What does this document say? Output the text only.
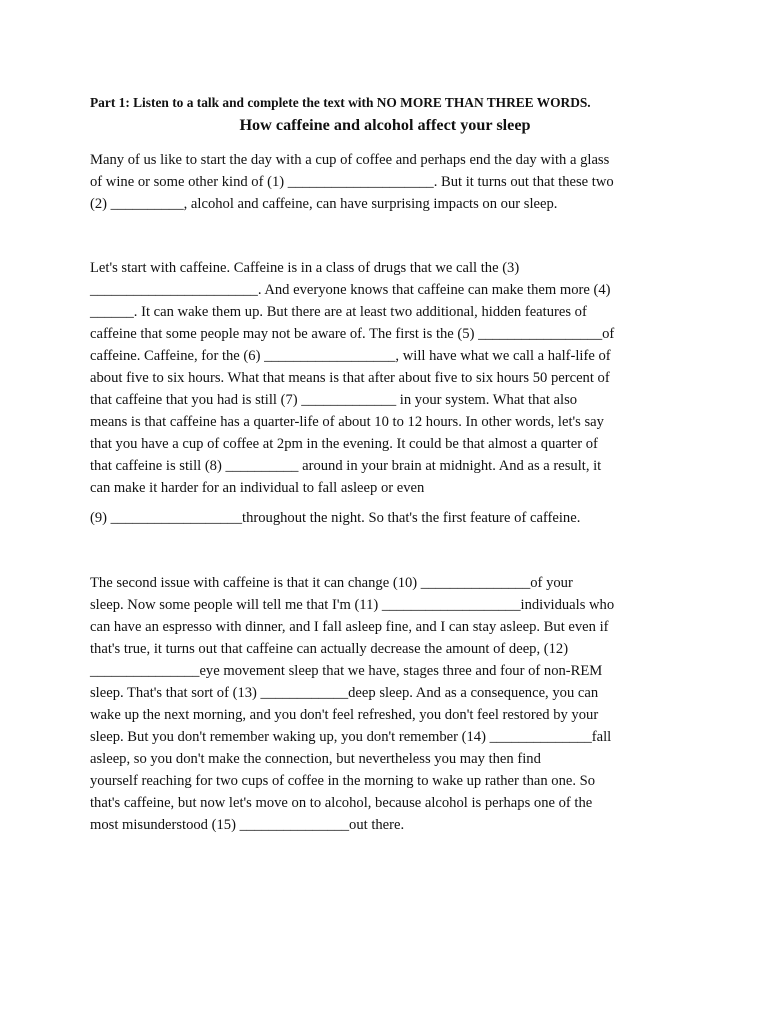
Part 1: Listen to a talk and complete the text with NO MORE THAN THREE WORDS.
How caffeine and alcohol affect your sleep

Many of us like to start the day with a cup of coffee and perhaps end the day with a glass
of wine or some other kind of (1) ____________________. But it turns out that these two
(2) __________, alcohol and caffeine, can have surprising impacts on our sleep.

Let's start with caffeine. Caffeine is in a class of drugs that we call the (3)
_______________________. And everyone knows that caffeine can make them more (4)
______. It can wake them up. But there are at least two additional, hidden features of
caffeine that some people may not be aware of. The first is the (5) _________________of
caffeine. Caffeine, for the (6) __________________, will have what we call a half-life of
about five to six hours. What that means is that after about five to six hours 50 percent of
that caffeine that you had is still (7) _____________ in your system. What that also
means is that caffeine has a quarter-life of about 10 to 12 hours. In other words, let's say
that you have a cup of coffee at 2pm in the evening. It could be that almost a quarter of
that caffeine is still (8) __________ around in your brain at midnight. And as a result, it
can make it harder for an individual to fall asleep or even

(9) __________________throughout the night. So that's the first feature of caffeine.

The second issue with caffeine is that it can change (10) _______________of your
sleep. Now some people will tell me that I'm (11) ___________________individuals who
can have an espresso with dinner, and I fall asleep fine, and I can stay asleep. But even if
that's true, it turns out that caffeine can actually decrease the amount of deep, (12)
_______________eye movement sleep that we have, stages three and four of non-REM
sleep. That's that sort of (13) ____________deep sleep. And as a consequence, you can
wake up the next morning, and you don't feel refreshed, you don't feel restored by your
sleep. But you don't remember waking up, you don't remember (14) ______________fall
asleep, so you don't make the connection, but nevertheless you may then find
yourself reaching for two cups of coffee in the morning to wake up rather than one. So
that's caffeine, but now let's move on to alcohol, because alcohol is perhaps one of the
most misunderstood (15) _______________out there.
